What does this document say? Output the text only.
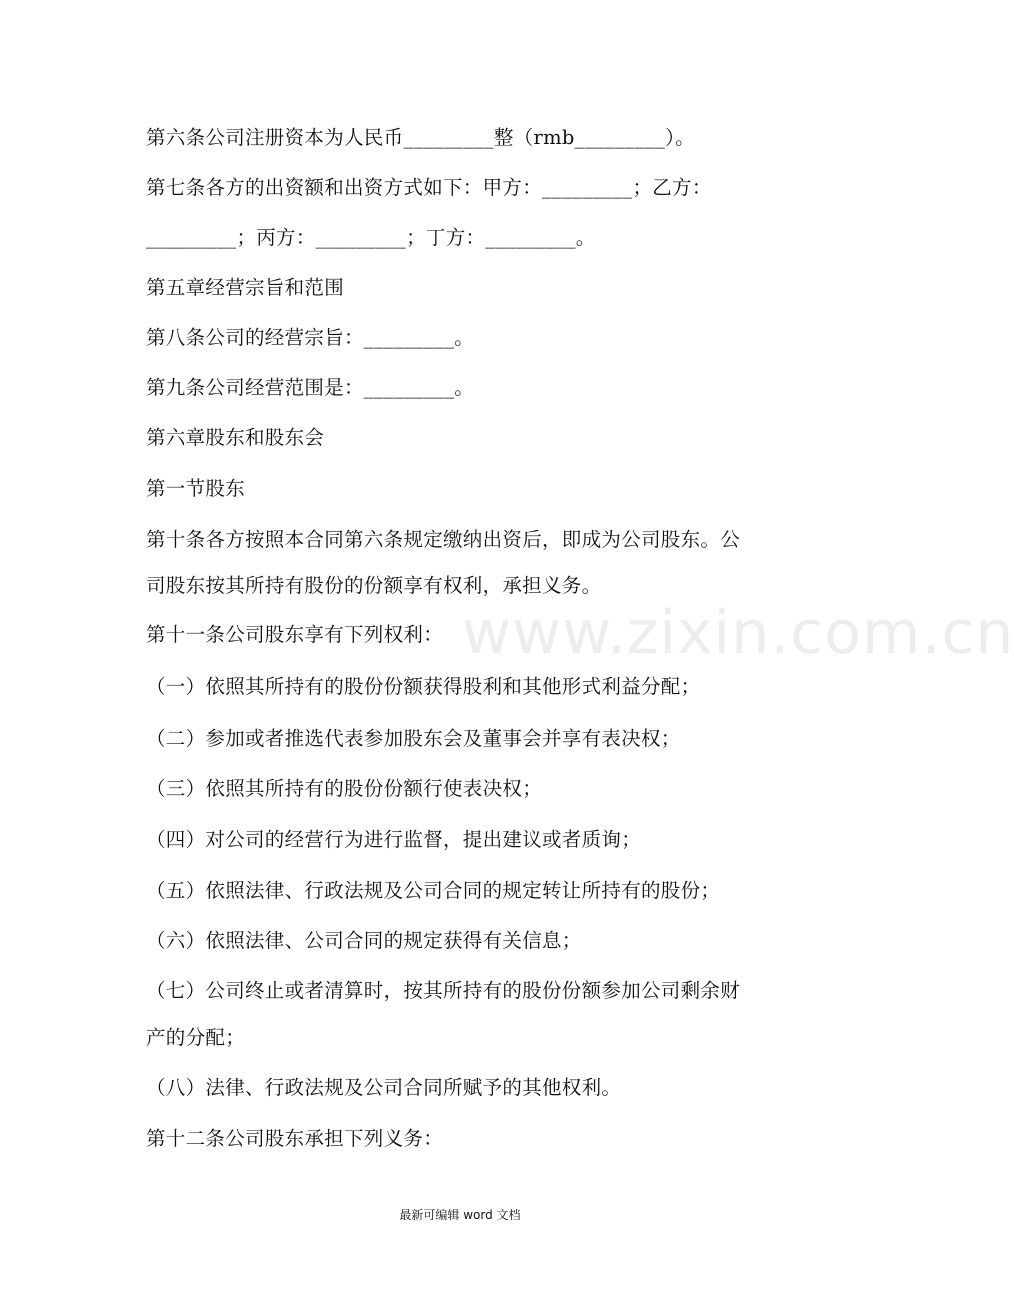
www.zixin.com.cn
第六条公司注册资本为人民币_________整（rmb_________）。
第七条各方的出资额和出资方式如下：甲方：_________；乙方：
_________；丙方：_________；丁方：_________。
第五章经营宗旨和范围
第八条公司的经营宗旨：_________。
第九条公司经营范围是：_________。
第六章股东和股东会
第一节股东
第十条各方按照本合同第六条规定缴纳出资后，即成为公司股东。公
司股东按其所持有股份的份额享有权利，承担义务。
第十一条公司股东享有下列权利：
（一）依照其所持有的股份份额获得股利和其他形式利益分配；
（二）参加或者推选代表参加股东会及董事会并享有表决权；
（三）依照其所持有的股份份额行使表决权；
（四）对公司的经营行为进行监督，提出建议或者质询；
（五）依照法律、行政法规及公司合同的规定转让所持有的股份；
（六）依照法律、公司合同的规定获得有关信息；
（七）公司终止或者清算时，按其所持有的股份份额参加公司剩余财
产的分配；
（八）法律、行政法规及公司合同所赋予的其他权利。
第十二条公司股东承担下列义务：
最新可编辑 word 文档
